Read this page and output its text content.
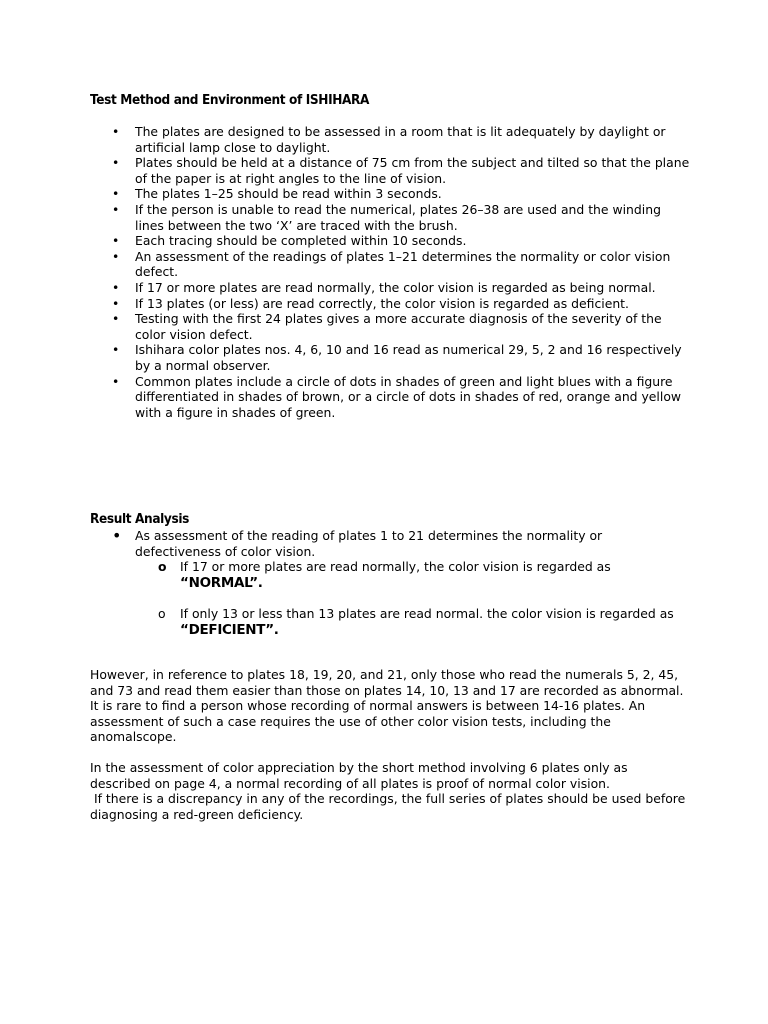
Test Method and Environment of ISHIHARA
• The plates are designed to be assessed in a room that is lit adequately by daylight or artificial lamp close to daylight.
• Plates should be held at a distance of 75 cm from the subject and tilted so that the plane of the paper is at right angles to the line of vision.
• The plates 1–25 should be read within 3 seconds.
• If the person is unable to read the numerical, plates 26–38 are used and the winding lines between the two ‘X’ are traced with the brush.
• Each tracing should be completed within 10 seconds.
• An assessment of the readings of plates 1–21 determines the normality or color vision defect.
• If 17 or more plates are read normally, the color vision is regarded as being normal.
• If 13 plates (or less) are read correctly, the color vision is regarded as deficient.
• Testing with the first 24 plates gives a more accurate diagnosis of the severity of the color vision defect.
• Ishihara color plates nos. 4, 6, 10 and 16 read as numerical 29, 5, 2 and 16 respectively by a normal observer.
• Common plates include a circle of dots in shades of green and light blues with a figure differentiated in shades of brown, or a circle of dots in shades of red, orange and yellow with a figure in shades of green.
Result Analysis
• As assessment of the reading of plates 1 to 21 determines the normality or defectiveness of color vision.
o If 17 or more plates are read normally, the color vision is regarded as
“NORMAL”.
o If only 13 or less than 13 plates are read normal. the color vision is regarded as
“DEFICIENT”.

However, in reference to plates 18, 19, 20, and 21, only those who read the numerals 5, 2, 45, and 73 and read them easier than those on plates 14, 10, 13 and 17 are recorded as abnormal. It is rare to find a person whose recording of normal answers is between 14-16 plates. An assessment of such a case requires the use of other color vision tests, including the anomalscope.

In the assessment of color appreciation by the short method involving 6 plates only as described on page 4, a normal recording of all plates is proof of normal color vision.

If there is a discrepancy in any of the recordings, the full series of plates should be used before diagnosing a red-green deficiency.
